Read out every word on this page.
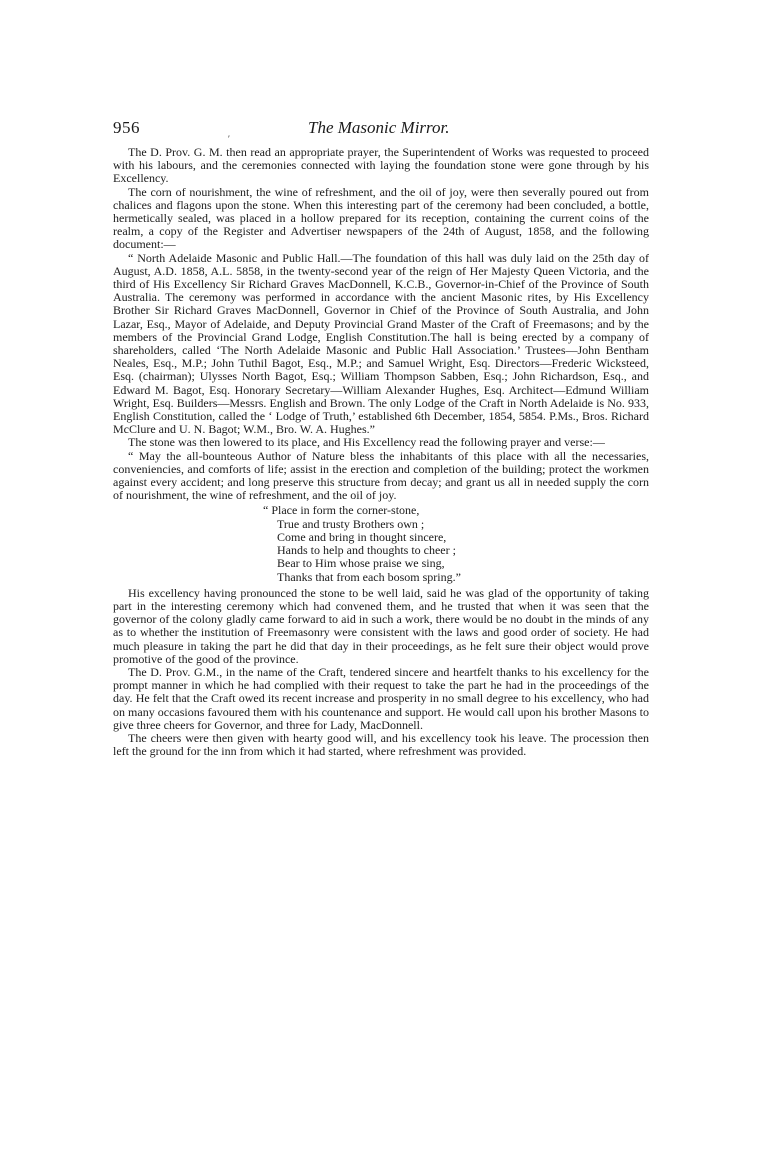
956
′
The Masonic Mirror.

The D. Prov. G. M. then read an appropriate prayer, the Superintendent of Works was requested to proceed with his labours, and the ceremonies connected with laying the foundation stone were gone through by his Excellency.

The corn of nourishment, the wine of refreshment, and the oil of joy, were then severally poured out from chalices and flagons upon the stone. When this interesting part of the ceremony had been concluded, a bottle, hermetically sealed, was placed in a hollow prepared for its reception, containing the current coins of the realm, a copy of the Register and Advertiser newspapers of the 24th of August, 1858, and the following document:—

“ North Adelaide Masonic and Public Hall.—The foundation of this hall was duly laid on the 25th day of August, A.D. 1858, A.L. 5858, in the twenty-second year of the reign of Her Majesty Queen Victoria, and the third of His Excellency Sir Richard Graves MacDonnell, K.C.B., Governor-in-Chief of the Province of South Australia. The ceremony was performed in accordance with the ancient Masonic rites, by His Excellency Brother Sir Richard Graves MacDonnell, Governor in Chief of the Province of South Australia, and John Lazar, Esq., Mayor of Adelaide, and Deputy Provincial Grand Master of the Craft of Freemasons; and by the members of the Provincial Grand Lodge, English Constitution.The hall is being erected by a company of shareholders, called ‘The North Adelaide Masonic and Public Hall Association.’ Trustees—John Bentham Neales, Esq., M.P.; John Tuthil Bagot, Esq., M.P.; and Samuel Wright, Esq. Directors—Frederic Wicksteed, Esq. (chairman); Ulysses North Bagot, Esq.; William Thompson Sabben, Esq.; John Richardson, Esq., and Edward M. Bagot, Esq. Honorary Secretary—William Alexander Hughes, Esq. Architect—Edmund William Wright, Esq. Builders—Messrs. English and Brown. The only Lodge of the Craft in North Adelaide is No. 933, English Constitution, called the ‘ Lodge of Truth,’ established 6th December, 1854, 5854. P.Ms., Bros. Richard McClure and U. N. Bagot; W.M., Bro. W. A. Hughes.”

The stone was then lowered to its place, and His Excellency read the following prayer and verse:—

“ May the all-bounteous Author of Nature bless the inhabitants of this place with all the necessaries, conveniencies, and comforts of life; assist in the erection and completion of the building; protect the workmen against every accident; and long preserve this structure from decay; and grant us all in needed supply the corn of nourishment, the wine of refreshment, and the oil of joy.

“ Place in form the corner-stone,
True and trusty Brothers own ;
Come and bring in thought sincere,
Hands to help and thoughts to cheer ;
Bear to Him whose praise we sing,
Thanks that from each bosom spring.”

His excellency having pronounced the stone to be well laid, said he was glad of the opportunity of taking part in the interesting ceremony which had convened them, and he trusted that when it was seen that the governor of the colony gladly came forward to aid in such a work, there would be no doubt in the minds of any as to whether the institution of Freemasonry were consistent with the laws and good order of society. He had much pleasure in taking the part he did that day in their proceedings, as he felt sure their object would prove promotive of the good of the province.

The D. Prov. G.M., in the name of the Craft, tendered sincere and heartfelt thanks to his excellency for the prompt manner in which he had complied with their request to take the part he had in the proceedings of the day. He felt that the Craft owed its recent increase and prosperity in no small degree to his excellency, who had on many occasions favoured them with his countenance and support. He would call upon his brother Masons to give three cheers for Governor, and three for Lady, MacDonnell.

The cheers were then given with hearty good will, and his excellency took his leave. The procession then left the ground for the inn from which it had started, where refreshment was provided.
